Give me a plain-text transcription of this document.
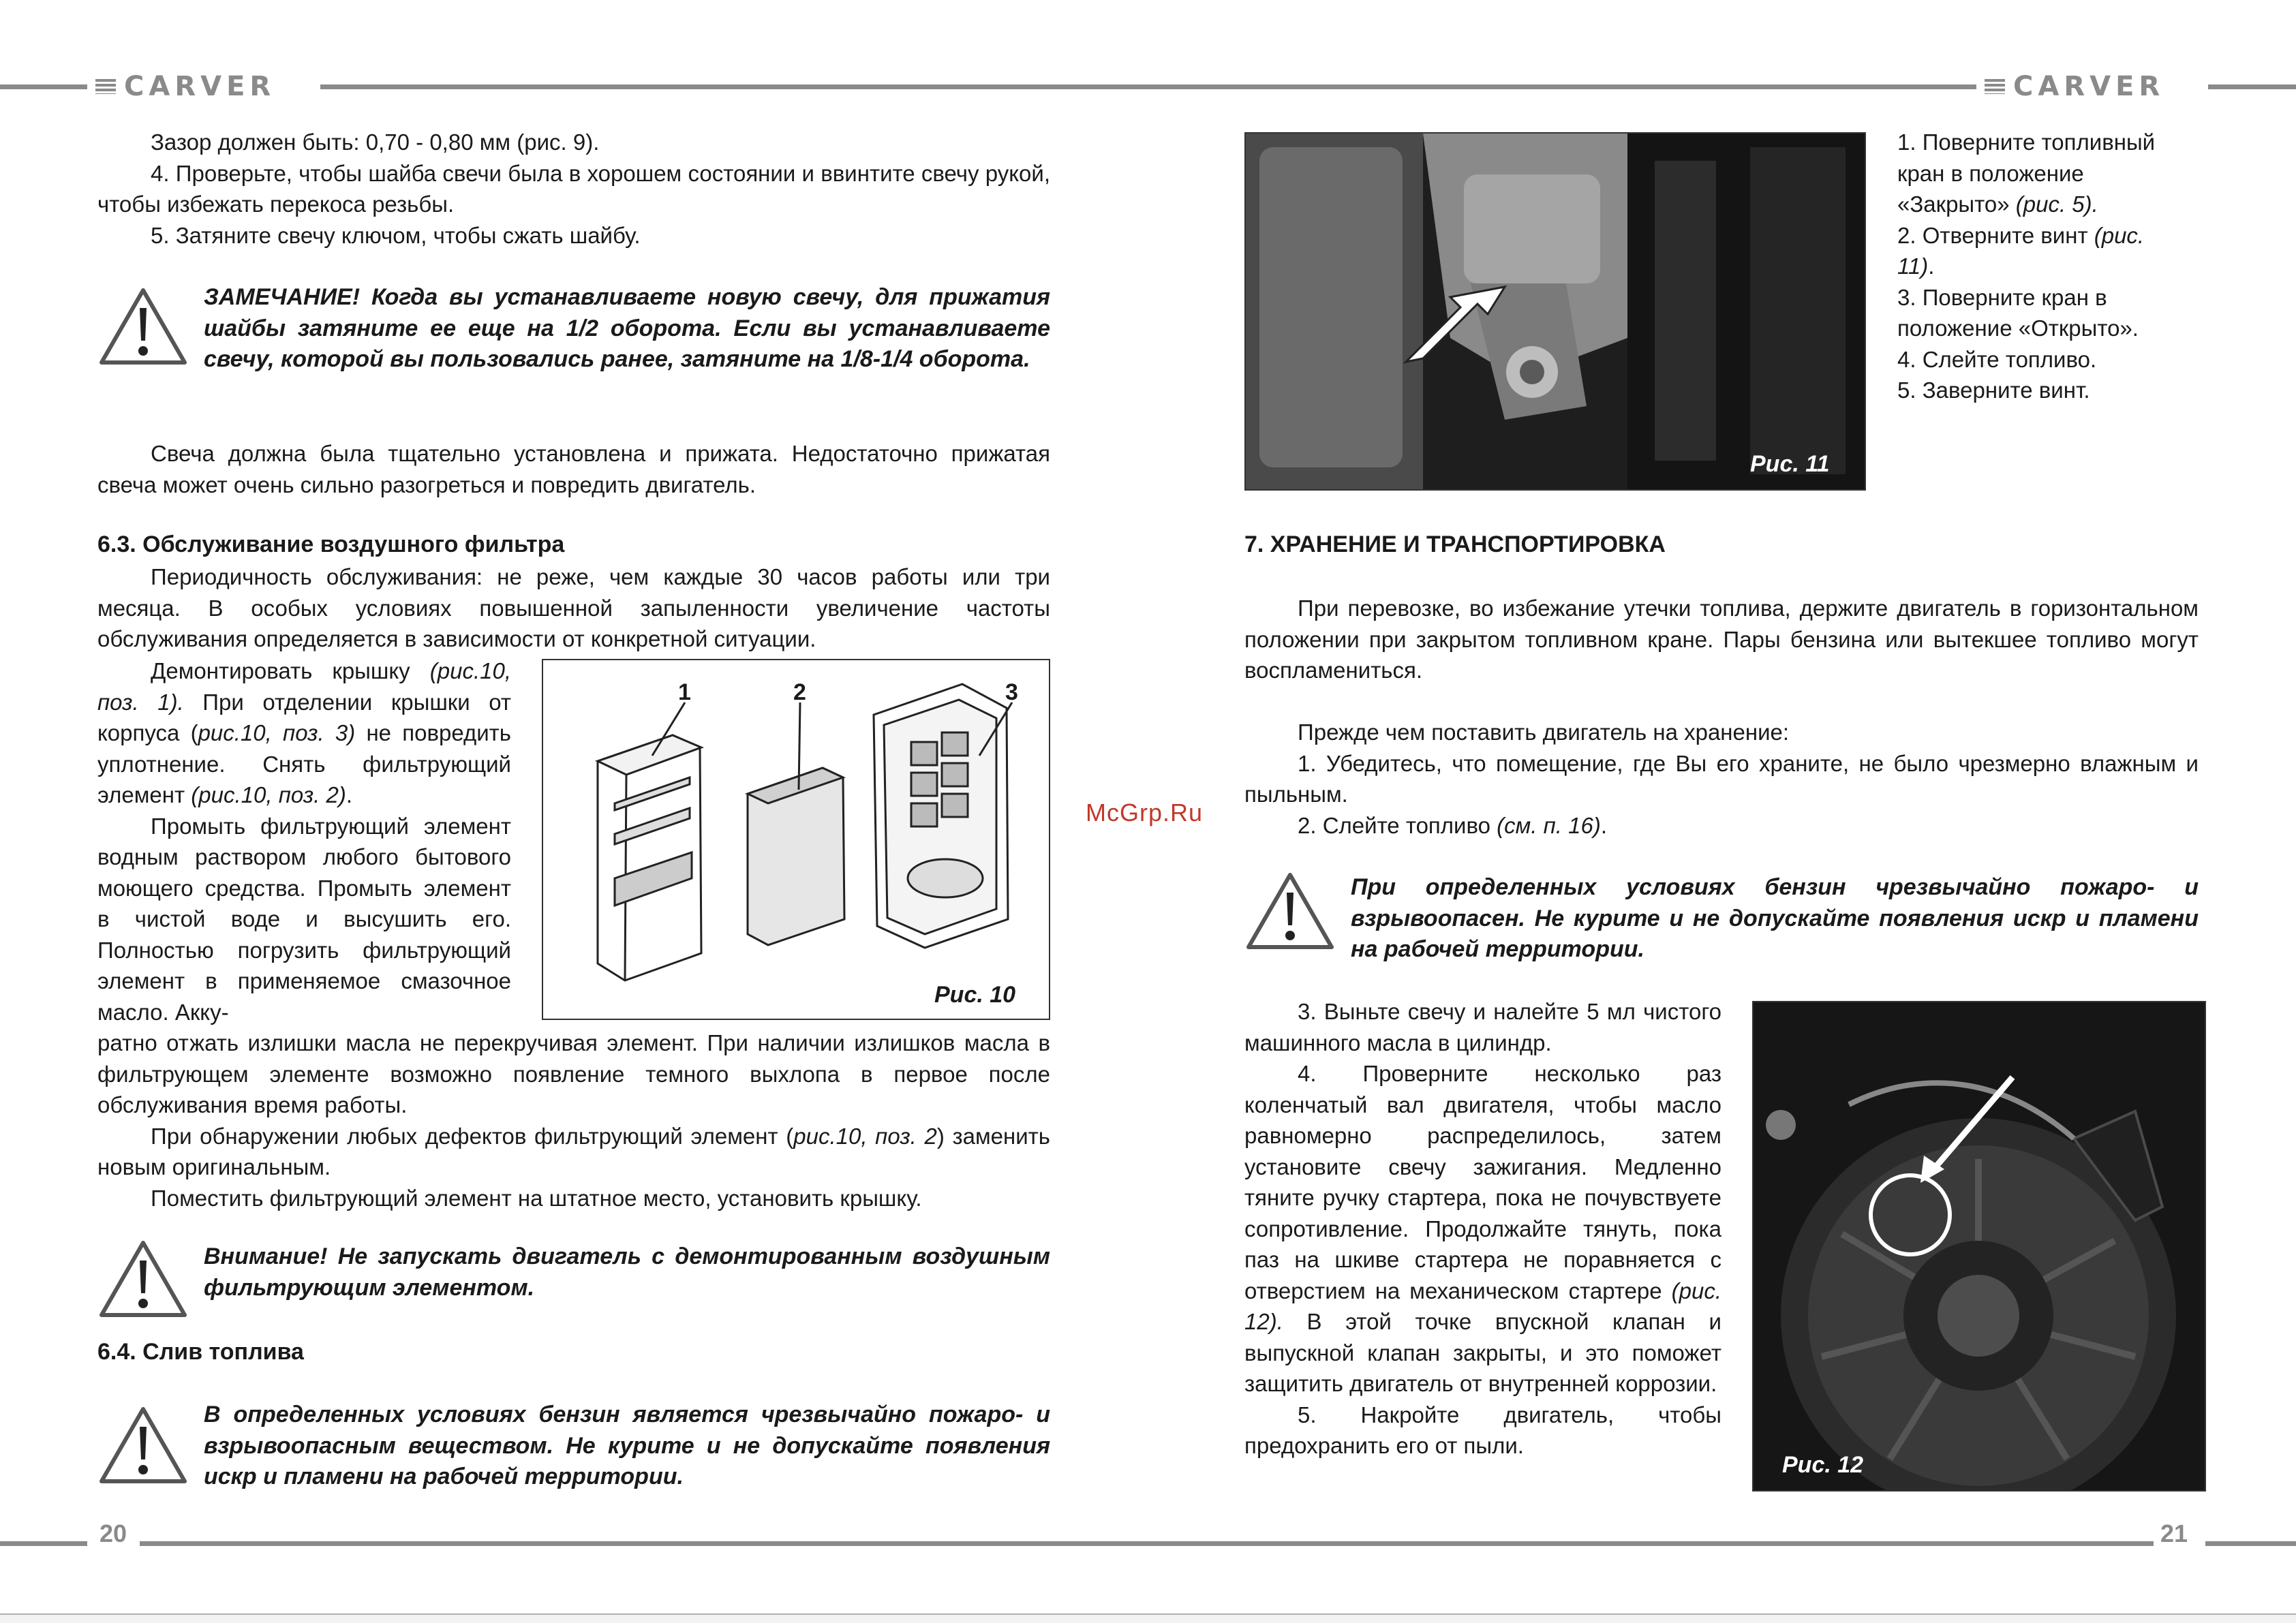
CARVER	CARVER
20	21

Зазор должен быть: 0,70 - 0,80 мм (рис. 9).

4. Проверьте, чтобы шайба свечи была в хорошем состоянии и ввинтите свечу рукой, чтобы избежать перекоса резьбы.

5. Затяните свечу ключом, чтобы сжать шайбу.

ЗАМЕЧАНИЕ! Когда вы устанавливаете новую свечу, для прижатия шайбы затяните ее еще на 1/2 оборота. Если вы устанавливаете свечу, которой вы пользовались ранее, затяните на 1/8-1/4 оборота.

Свеча должна была тщательно установлена и прижата. Недостаточно прижатая свеча может очень сильно разогреться и повредить двигатель.

6.3. Обслуживание воздушного фильтра

Периодичность обслуживания: не реже, чем каждые 30 часов работы или три месяца. В особых условиях повышенной запыленности увеличение частоты обслуживания определяется в зависимости от конкретной ситуации.

Демонтировать крышку (рис.10, поз. 1). При отделении крышки от корпуса (рис.10, поз. 3) не повредить уплотнение. Снять фильтрующий элемент (рис.10, поз. 2).

Промыть фильтрующий элемент водным раствором любого бытового моющего средства. Промыть элемент в чистой воде и высушить его. Полностью погрузить фильтрующий элемент в применяемое смазочное масло. Акку-

1	2	3
Рис. 10

ратно отжать излишки масла не перекручивая элемент. При наличии излишков масла в фильтрующем элементе возможно появление темного выхлопа в первое после обслуживания время работы.

При обнаружении любых дефектов фильтрующий элемент (рис.10, поз. 2) заменить новым оригинальным.

Поместить фильтрующий элемент на штатное место, установить крышку.

Внимание! Не запускать двигатель с демонтированным воздушным фильтрующим элементом.
6.4. Слив топлива
В определенных условиях бензин является чрезвычайно пожаро- и взрывоопасным веществом. Не курите и не допускайте появления искр и пламени на рабочей территории.
McGrp.Ru
Рис. 11

1. Поверните топливный кран в положение «Закрыто» (рис. 5).

2. Отверните винт (рис. 11).

3. Поверните кран в положение «Открыто».

4. Слейте топливо.

5. Заверните винт.

7. ХРАНЕНИЕ И ТРАНСПОРТИРОВКА

При перевозке, во избежание утечки топлива, держите двигатель в горизонтальном положении при закрытом топливном кране. Пары бензина или вытекшее топливо могут воспламениться.

Прежде чем поставить двигатель на хранение:

1. Убедитесь, что помещение, где Вы его храните, не было чрезмерно влажным и пыльным.

2. Слейте топливо (см. п. 16).

При определенных условиях бензин чрезвычайно пожаро- и взрывоопасен. Не курите и не допускайте появления искр и пламени на рабочей территории.

3. Выньте свечу и налейте 5 мл чистого машинного масла в цилиндр.

4. Проверните несколько раз коленчатый вал двигателя, чтобы масло равномерно распределилось, затем установите свечу зажигания. Медленно тяните ручку стартера, пока не почувствуете сопротивление. Продолжайте тянуть, пока паз на шкиве стартера не поравняется с отверстием на механическом стартере (рис. 12). В этой точке впускной клапан и выпускной клапан закрыты, и это поможет защитить двигатель от внутренней коррозии.

5. Накройте двигатель, чтобы предохранить его от пыли.

Рис. 12
